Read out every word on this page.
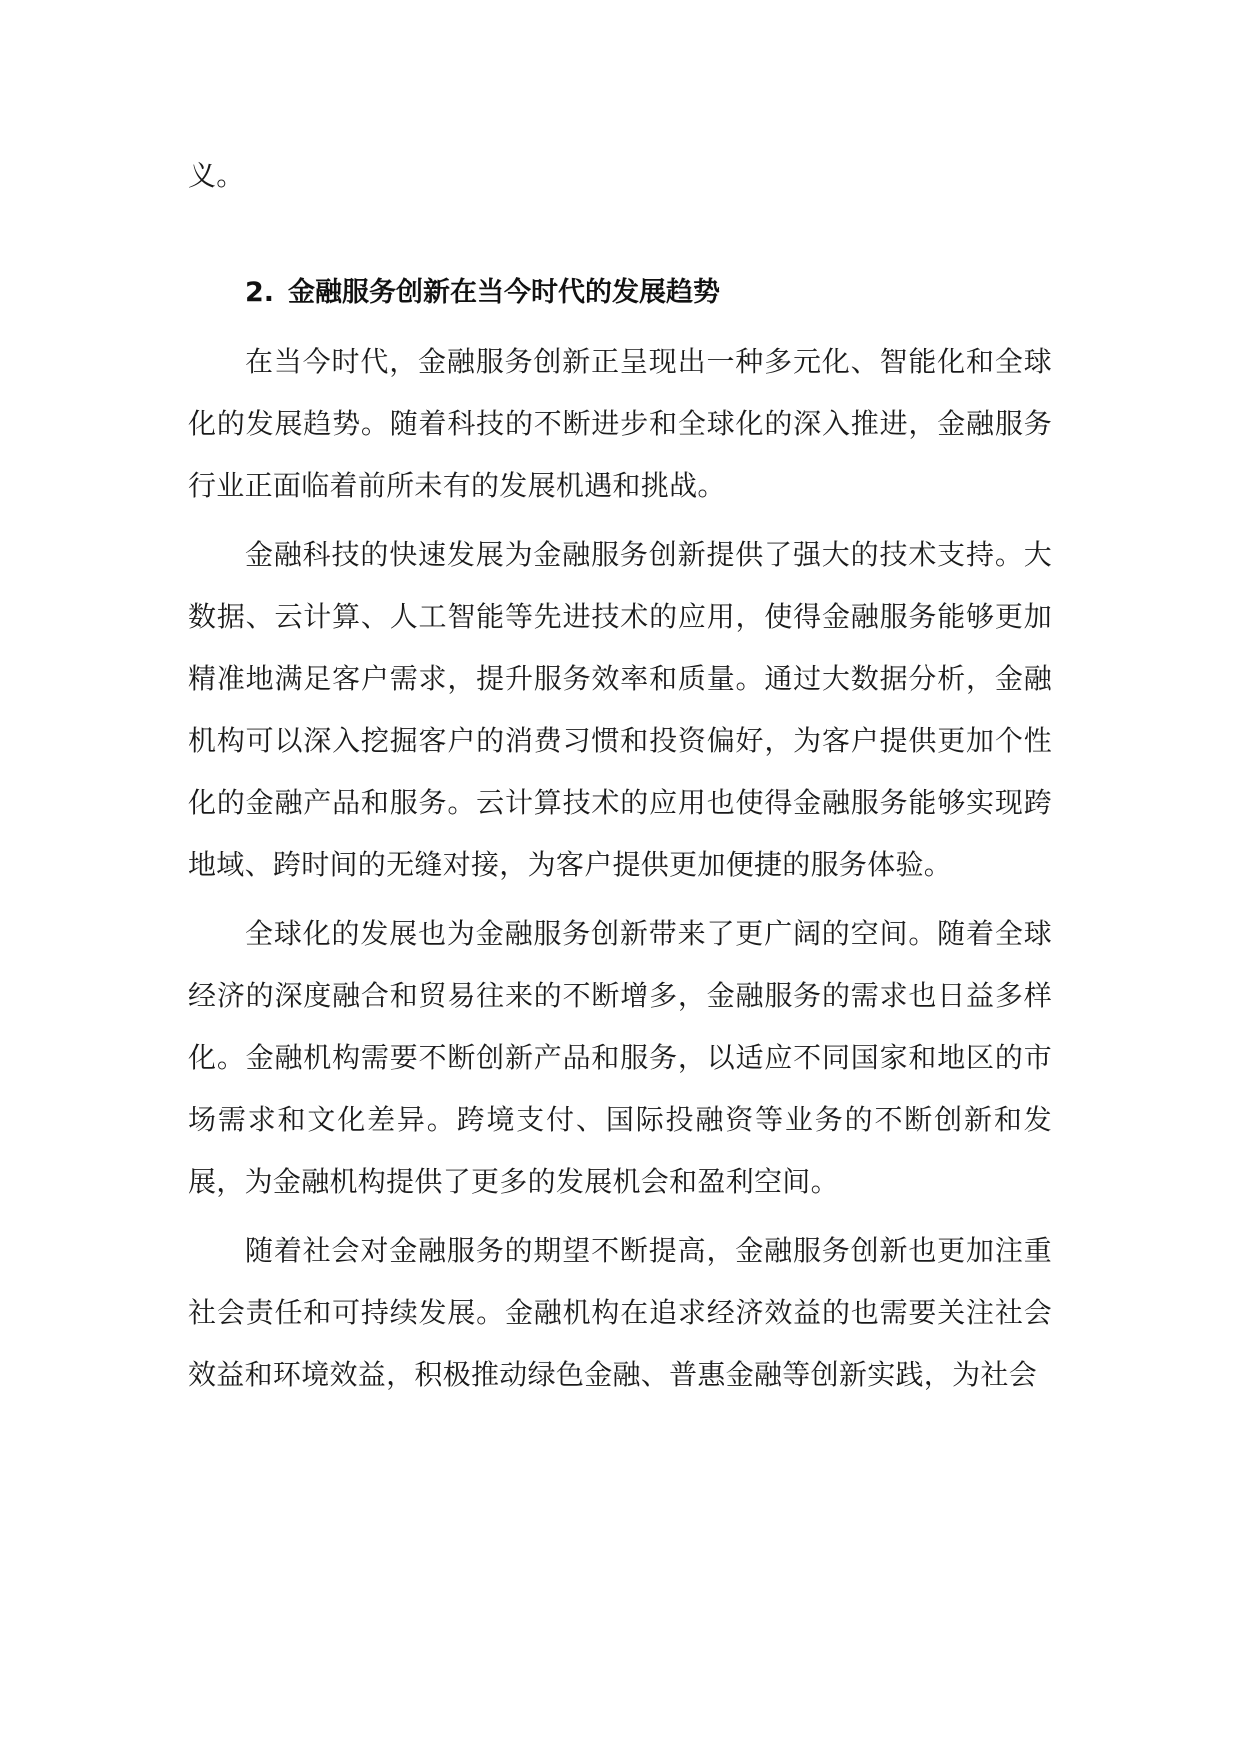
义。

2. 金融服务创新在当今时代的发展趋势

在当今时代，金融服务创新正呈现出一种多元化、智能化和全球化的发展趋势。随着科技的不断进步和全球化的深入推进，金融服务行业正面临着前所未有的发展机遇和挑战。

金融科技的快速发展为金融服务创新提供了强大的技术支持。大数据、云计算、人工智能等先进技术的应用，使得金融服务能够更加精准地满足客户需求，提升服务效率和质量。通过大数据分析，金融机构可以深入挖掘客户的消费习惯和投资偏好，为客户提供更加个性化的金融产品和服务。云计算技术的应用也使得金融服务能够实现跨地域、跨时间的无缝对接，为客户提供更加便捷的服务体验。

全球化的发展也为金融服务创新带来了更广阔的空间。随着全球经济的深度融合和贸易往来的不断增多，金融服务的需求也日益多样化。金融机构需要不断创新产品和服务，以适应不同国家和地区的市场需求和文化差异。跨境支付、国际投融资等业务的不断创新和发展，为金融机构提供了更多的发展机会和盈利空间。

随着社会对金融服务的期望不断提高，金融服务创新也更加注重社会责任和可持续发展。金融机构在追求经济效益的也需要关注社会效益和环境效益，积极推动绿色金融、普惠金融等创新实践，为社会
